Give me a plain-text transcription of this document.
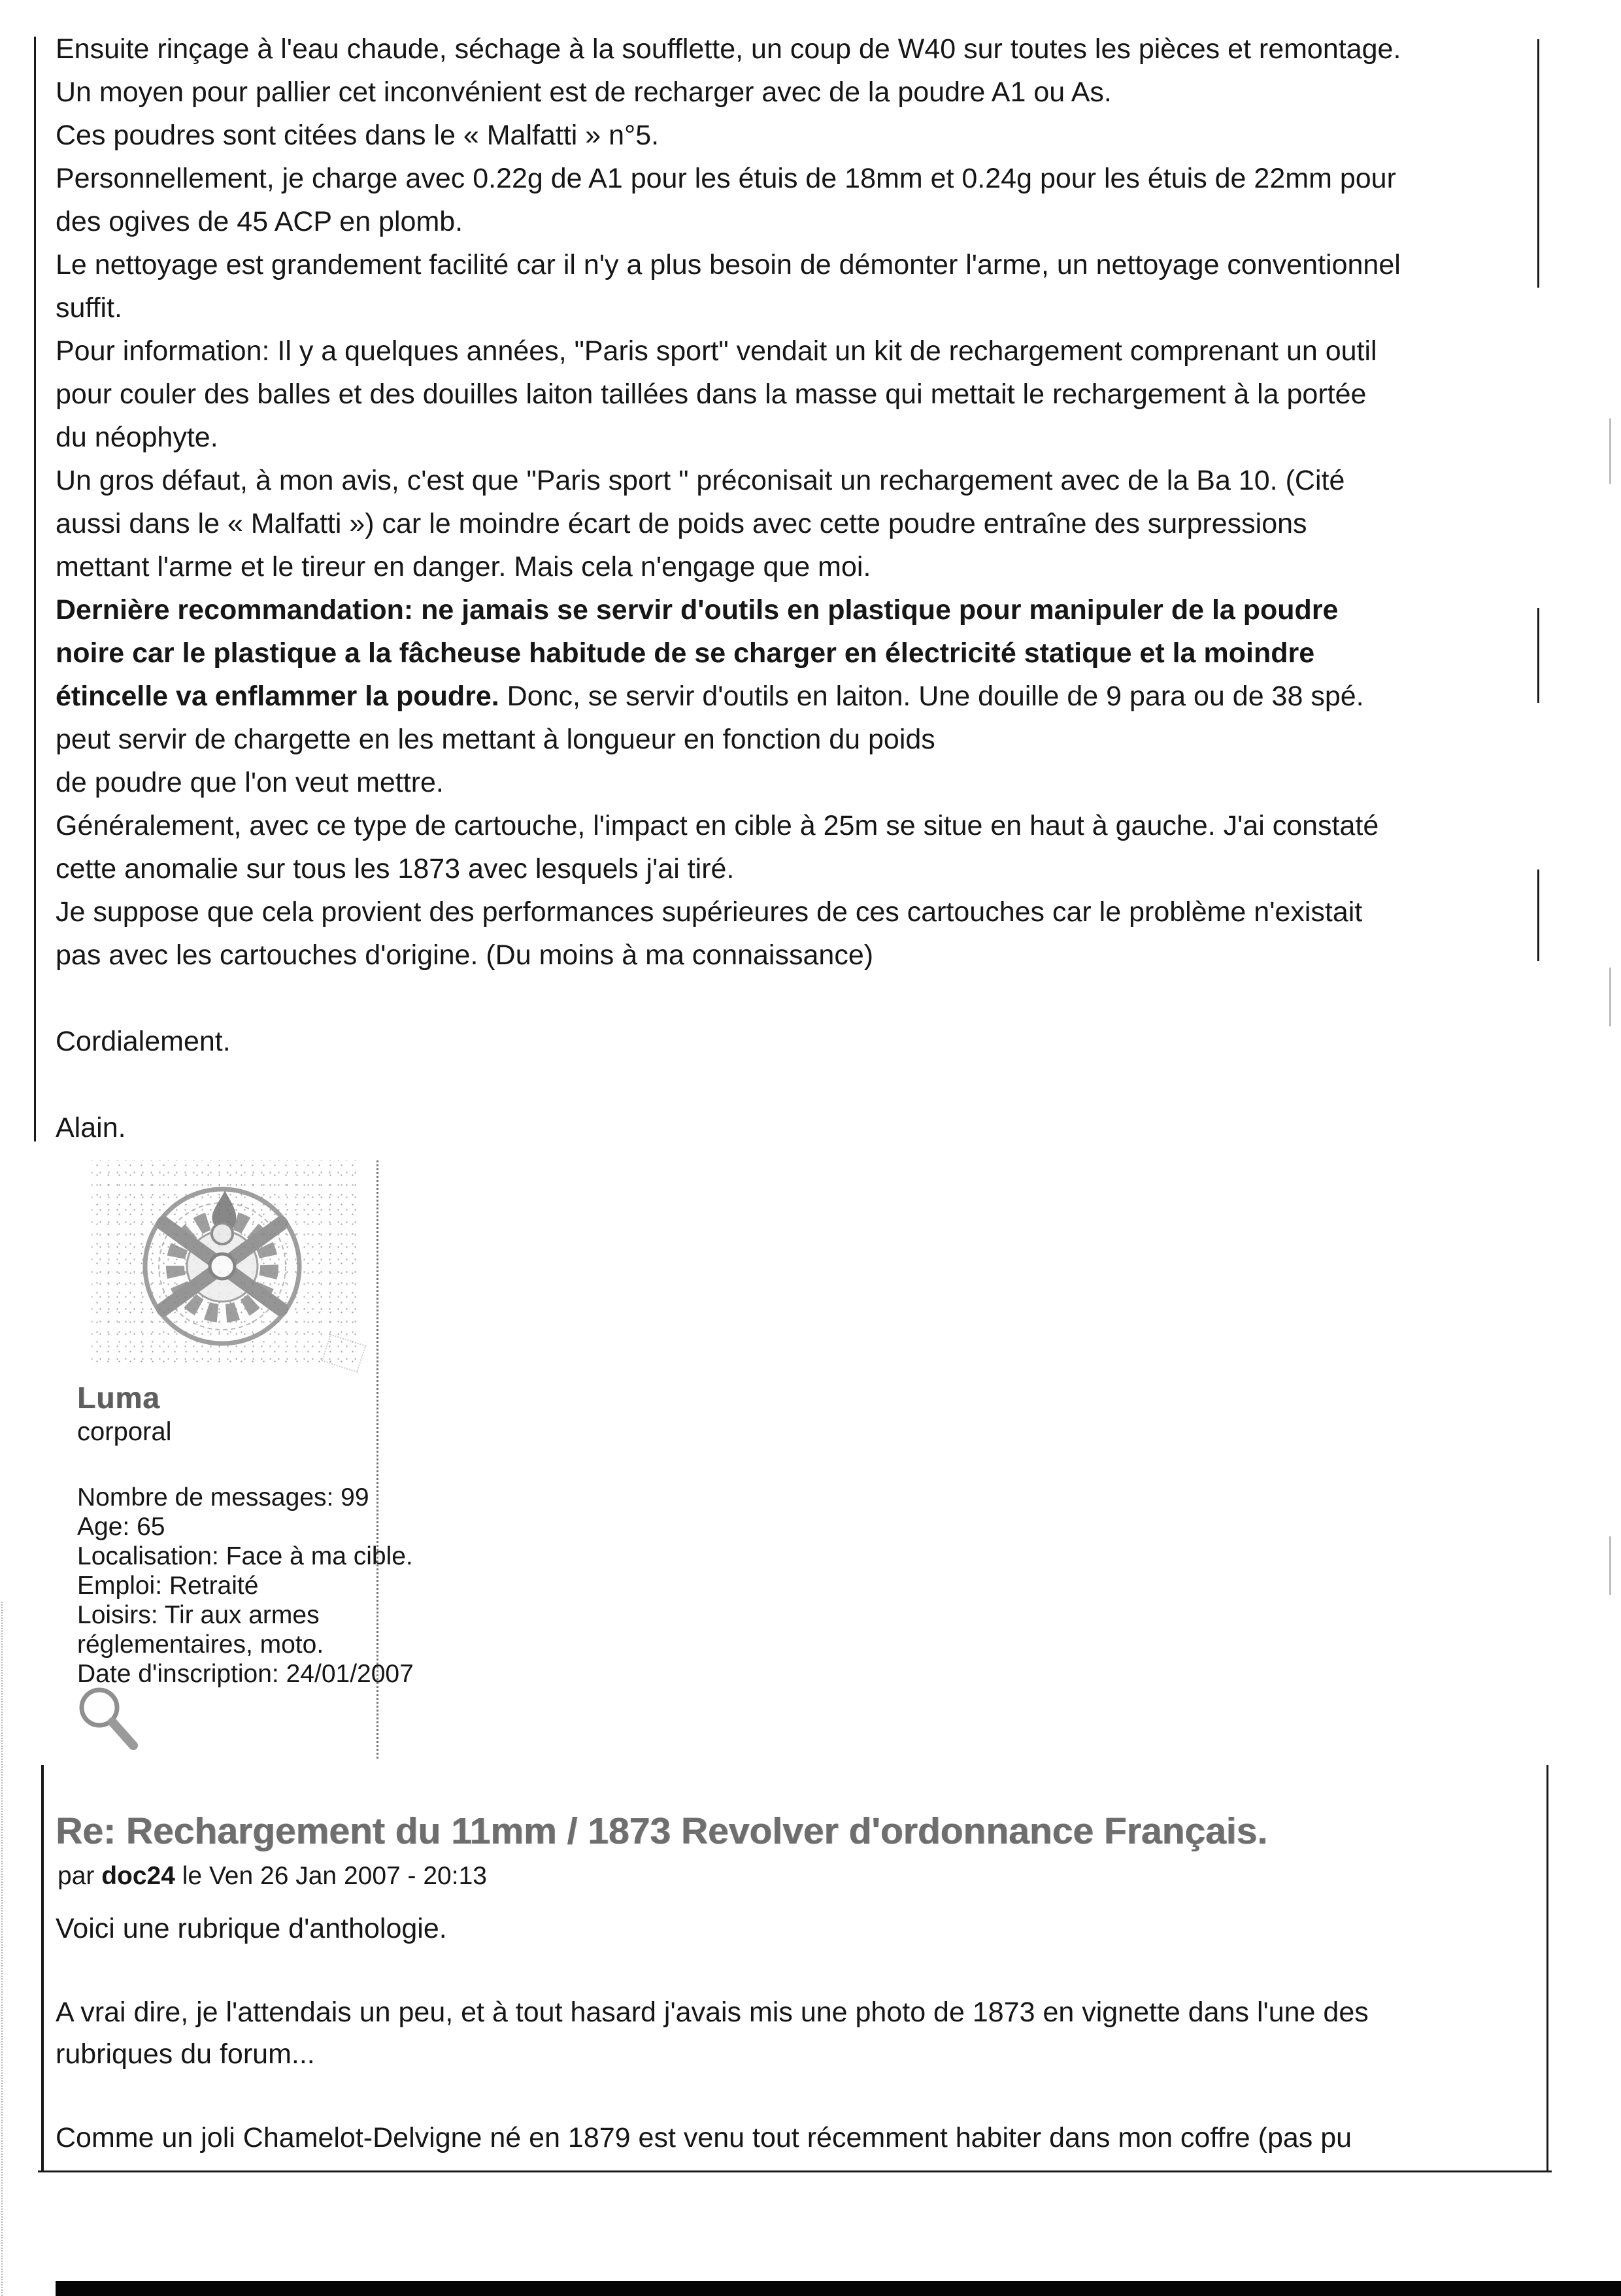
Ensuite rinçage à l'eau chaude, séchage à la soufflette, un coup de W40 sur toutes les pièces et remontage.
Un moyen pour pallier cet inconvénient est de recharger avec de la poudre A1 ou As.
Ces poudres sont citées dans le « Malfatti » n°5.
Personnellement, je charge avec 0.22g de A1 pour les étuis de 18mm et 0.24g pour les étuis de 22mm pour
des ogives de 45 ACP en plomb.
Le nettoyage est grandement facilité car il n'y a plus besoin de démonter l'arme, un nettoyage conventionnel
suffit.
Pour information: Il y a quelques années, "Paris sport" vendait un kit de rechargement comprenant un outil
pour couler des balles et des douilles laiton taillées dans la masse qui mettait le rechargement à la portée
du néophyte.
Un gros défaut, à mon avis, c'est que "Paris sport " préconisait un rechargement avec de la Ba 10. (Cité
aussi dans le « Malfatti ») car le moindre écart de poids avec cette poudre entraîne des surpressions
mettant l'arme et le tireur en danger. Mais cela n'engage que moi.
Dernière recommandation: ne jamais se servir d'outils en plastique pour manipuler de la poudre
noire car le plastique a la fâcheuse habitude de se charger en électricité statique et la moindre
étincelle va enflammer la poudre. Donc, se servir d'outils en laiton. Une douille de 9 para ou de 38 spé.
peut servir de chargette en les mettant à longueur en fonction du poids
de poudre que l'on veut mettre.
Généralement, avec ce type de cartouche, l'impact en cible à 25m se situe en haut à gauche. J'ai constaté
cette anomalie sur tous les 1873 avec lesquels j'ai tiré.
Je suppose que cela provient des performances supérieures de ces cartouches car le problème n'existait
pas avec les cartouches d'origine. (Du moins à ma connaissance)
Cordialement.
Alain.
Luma
corporal
Nombre de messages: 99
Age: 65
Localisation: Face à ma cible.
Emploi: Retraité
Loisirs: Tir aux armes
réglementaires, moto.
Date d'inscription: 24/01/2007
Re: Rechargement du 11mm / 1873 Revolver d'ordonnance Français.
par doc24 le Ven 26 Jan 2007 - 20:13
Voici une rubrique d'anthologie.
A vrai dire, je l'attendais un peu, et à tout hasard j'avais mis une photo de 1873 en vignette dans l'une des
rubriques du forum...
Comme un joli Chamelot-Delvigne né en 1879 est venu tout récemment habiter dans mon coffre (pas pu
